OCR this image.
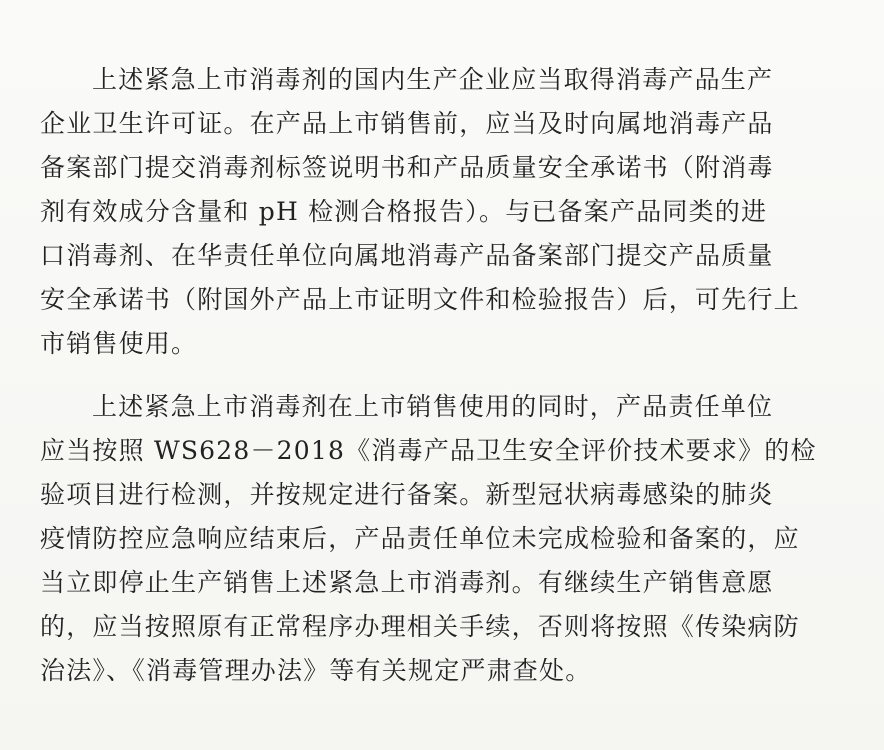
上述紧急上市消毒剂的国内生产企业应当取得消毒产品生产
企业卫生许可证。在产品上市销售前，应当及时向属地消毒产品
备案部门提交消毒剂标签说明书和产品质量安全承诺书（附消毒
剂有效成分含量和 pH 检测合格报告）。与已备案产品同类的进
口消毒剂、在华责任单位向属地消毒产品备案部门提交产品质量
安全承诺书（附国外产品上市证明文件和检验报告）后，可先行上
市销售使用。
上述紧急上市消毒剂在上市销售使用的同时，产品责任单位
应当按照 WS628－2018《消毒产品卫生安全评价技术要求》的检
验项目进行检测，并按规定进行备案。新型冠状病毒感染的肺炎
疫情防控应急响应结束后，产品责任单位未完成检验和备案的，应
当立即停止生产销售上述紧急上市消毒剂。有继续生产销售意愿
的，应当按照原有正常程序办理相关手续，否则将按照《传染病防
治法》、《消毒管理办法》等有关规定严肃查处。
